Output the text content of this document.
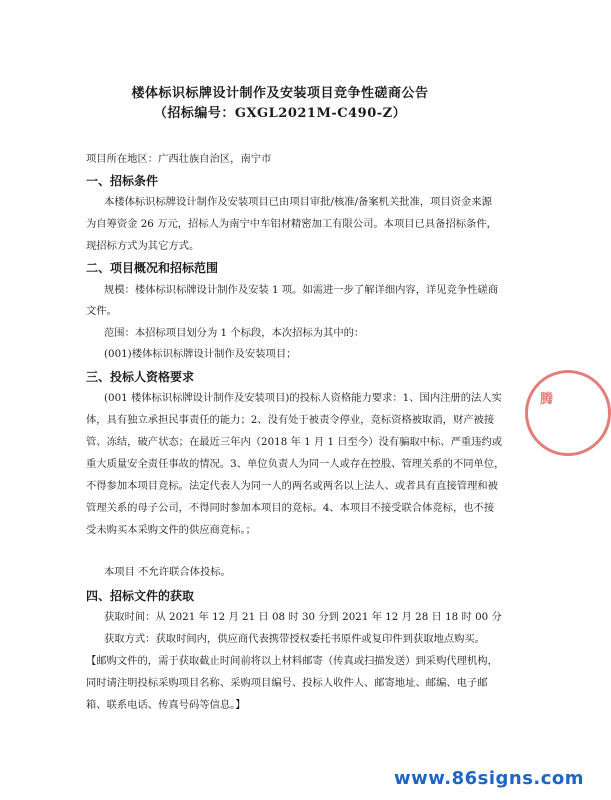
楼体标识标牌设计制作及安装项目竞争性磋商公告
（招标编号：GXGL2021M-C490-Z）
项目所在地区：广西壮族自治区，南宁市
一、招标条件
本楼体标识标牌设计制作及安装项目已由项目审批/核准/备案机关批准，项目资金来源
为自筹资金 26 万元，招标人为南宁中车铝材精密加工有限公司。本项目已具备招标条件，
现招标方式为其它方式。
二、项目概况和招标范围
规模：楼体标识标牌设计制作及安装 1 项。如需进一步了解详细内容，详见竞争性磋商
文件。
范围：本招标项目划分为 1 个标段，本次招标为其中的：
(001)楼体标识标牌设计制作及安装项目；
三、投标人资格要求
(001 楼体标识标牌设计制作及安装项目)的投标人资格能力要求：1、国内注册的法人实
体，具有独立承担民事责任的能力；2、没有处于被责令停业，竞标资格被取消，财产被接
管、冻结，破产状态；在最近三年内（2018 年 1 月 1 日至今）没有骗取中标、严重违约或
重大质量安全责任事故的情况。3、单位负责人为同一人或存在控股、管理关系的不同单位，
不得参加本项目竞标。法定代表人为同一人的两名或两名以上法人、或者具有直接管理和被
管理关系的母子公司，不得同时参加本项目的竞标。4、本项目不接受联合体竞标，也不接
受未购买本采购文件的供应商竞标。；
本项目 不允许联合体投标。
四、招标文件的获取
获取时间：从 2021 年 12 月 21 日 08 时 30 分到 2021 年 12 月 28 日 18 时 00 分
获取方式：获取时间内，供应商代表携带授权委托书原件或复印件到获取地点购买。
【邮购文件的，需于获取截止时间前将以上材料邮寄（传真或扫描发送）到采购代理机构，
同时请注明投标采购项目名称、采购项目编号、投标人收件人、邮寄地址、邮编、电子邮
箱、联系电话、传真号码等信息。】
腾
www.86signs.com
